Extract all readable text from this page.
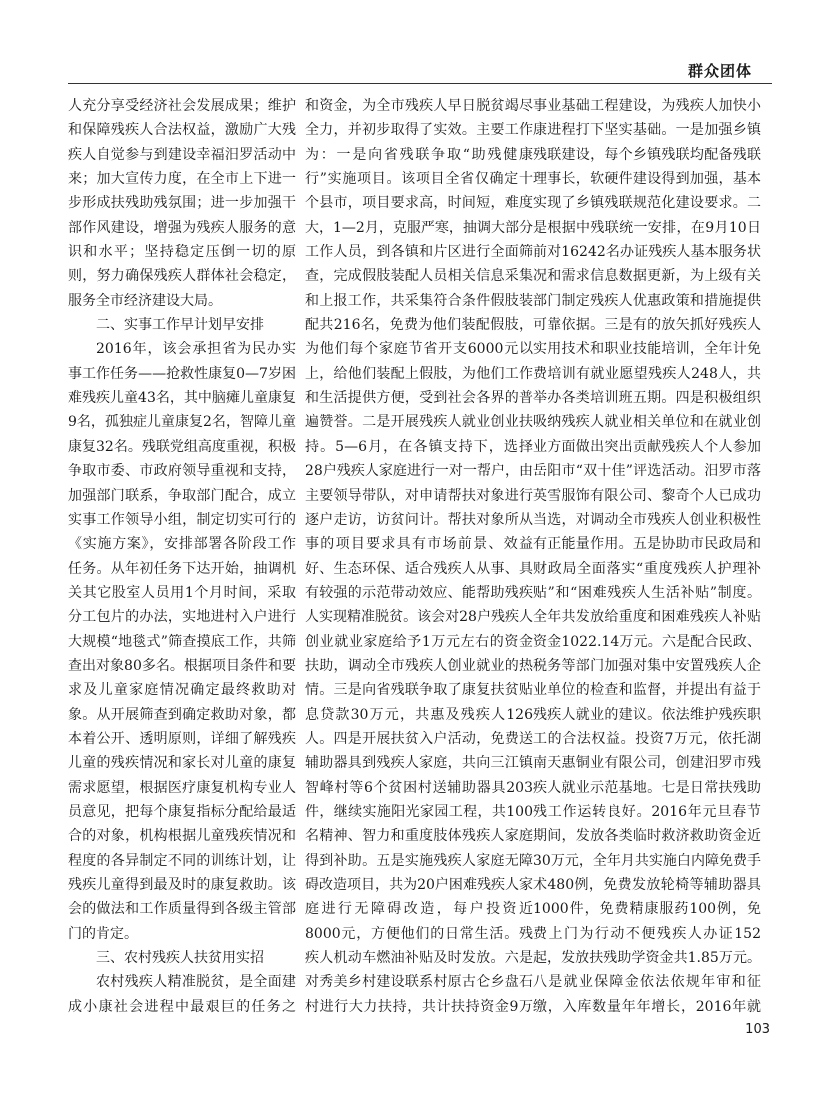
群众团体

人充分享受经济社会发展成果；维护和保障残疾人合法权益，激励广大残疾人自觉参与到建设幸福汨罗活动中来；加大宣传力度，在全市上下进一步形成扶残助残氛围；进一步加强干部作风建设，增强为残疾人服务的意识和水平；坚持稳定压倒一切的原则，努力确保残疾人群体社会稳定，服务全市经济建设大局。

二、实事工作早计划早安排

2016年，该会承担省为民办实事工作任务——抢救性康复0—7岁困难残疾儿童43名，其中脑瘫儿童康复9名，孤独症儿童康复2名，智障儿童康复32名。残联党组高度重视，积极争取市委、市政府领导重视和支持，加强部门联系，争取部门配合，成立实事工作领导小组，制定切实可行的《实施方案》，安排部署各阶段工作任务。从年初任务下达开始，抽调机关其它股室人员用1个月时间，采取分工包片的办法，实地进村入户进行大规模“地毯式”筛查摸底工作，共筛查出对象80多名。根据项目条件和要求及儿童家庭情况确定最终救助对象。从开展筛查到确定救助对象，都本着公开、透明原则，详细了解残疾儿童的残疾情况和家长对儿童的康复需求愿望，根据医疗康复机构专业人员意见，把每个康复指标分配给最适合的对象，机构根据儿童残疾情况和程度的各异制定不同的训练计划，让残疾儿童得到最及时的康复救助。该会的做法和工作质量得到各级主管部门的肯定。

三、农村残疾人扶贫用实招

农村残疾人精准脱贫，是全面建成小康社会进程中最艰巨的任务之

和资金，为全市残疾人早日脱贫竭尽全力，并初步取得了实效。主要工作为：一是向省残联争取“助残健康行”实施项目。该项目全省仅确定十个县市，项目要求高，时间短，难度大，1—2月，克服严寒，抽调大部分工作人员，到各镇和片区进行全面筛查，完成假肢装配人员相关信息采集和上报工作，共采集符合条件假肢装配共216名，免费为他们装配假肢，为他们每个家庭节省开支6000元以上，给他们装配上假肢，为他们工作和生活提供方便，受到社会各界的普遍赞誉。二是开展残疾人就业创业扶持。5—6月，在各镇支持下，选择28户残疾人家庭进行一对一帮户，由主要领导带队，对申请帮扶对象进行逐户走访，访贫问计。帮扶对象所从事的项目要求具有市场前景、效益好、生态环保、适合残疾人从事、具有较强的示范带动效应、能帮助残疾人实现精准脱贫。该会对28户残疾人创业就业家庭给予1万元左右的资金扶助，调动全市残疾人创业就业的热情。三是向省残联争取了康复扶贫贴息贷款30万元，共惠及残疾人126人。四是开展扶贫入户活动，免费送辅助器具到残疾人家庭，共向三江镇智峰村等6个贫困村送辅助器具203件，继续实施阳光家园工程，共100名精神、智力和重度肢体残疾人家庭得到补助。五是实施残疾人家庭无障碍改造项目，共为20户困难残疾人家庭进行无障碍改造，每户投资近8000元，方便他们的日常生活。残疾人机动车燃油补贴及时发放。六是对秀美乡村建设联系村原古仑乡盘石村进行大力扶持，共计扶持资金9万

事业基础工程建设，为残疾人加快小康进程打下坚实基础。一是加强乡镇残联建设，每个乡镇残联均配备残联理事长，软硬件建设得到加强，基本实现了乡镇残联规范化建设要求。二是根据中残联统一安排，在9月10日前对16242名办证残疾人基本服务状况和需求信息数据更新，为上级有关部门制定残疾人优惠政策和措施提供可靠依据。三是有的放矢抓好残疾人实用技术和职业技能培训，全年计免费培训有就业愿望残疾人248人，共举办各类培训班五期。四是积极组织吸纳残疾人就业相关单位和在就业创业方面做出突出贡献残疾人个人参加岳阳市“双十佳”评选活动。汨罗市落英雪服饰有限公司、黎奇个人已成功当选，对调动全市残疾人创业积极性有正能量作用。五是协助市民政局和财政局全面落实“重度残疾人护理补贴”和“困难残疾人生活补贴”制度。全年共发放给重度和困难残疾人补贴资金1022.14万元。六是配合民政、税务等部门加强对集中安置残疾人企业单位的检查和监督，并提出有益于残疾人就业的建议。依法维护残疾职工的合法权益。投资7万元，依托湖南天惠铜业有限公司，创建汨罗市残疾人就业示范基地。七是日常扶残助残工作运转良好。2016年元旦春节期间，发放各类临时救济救助资金近30万元，全年月共实施白内障免费手术480例，免费发放轮椅等辅助器具1000件，免费精康服药100例，免费上门为行动不便残疾人办证152起，发放扶残助学资金共1.85万元。八是就业保障金依法依规年审和征缴，入库数量年年增长，2016年就

103
